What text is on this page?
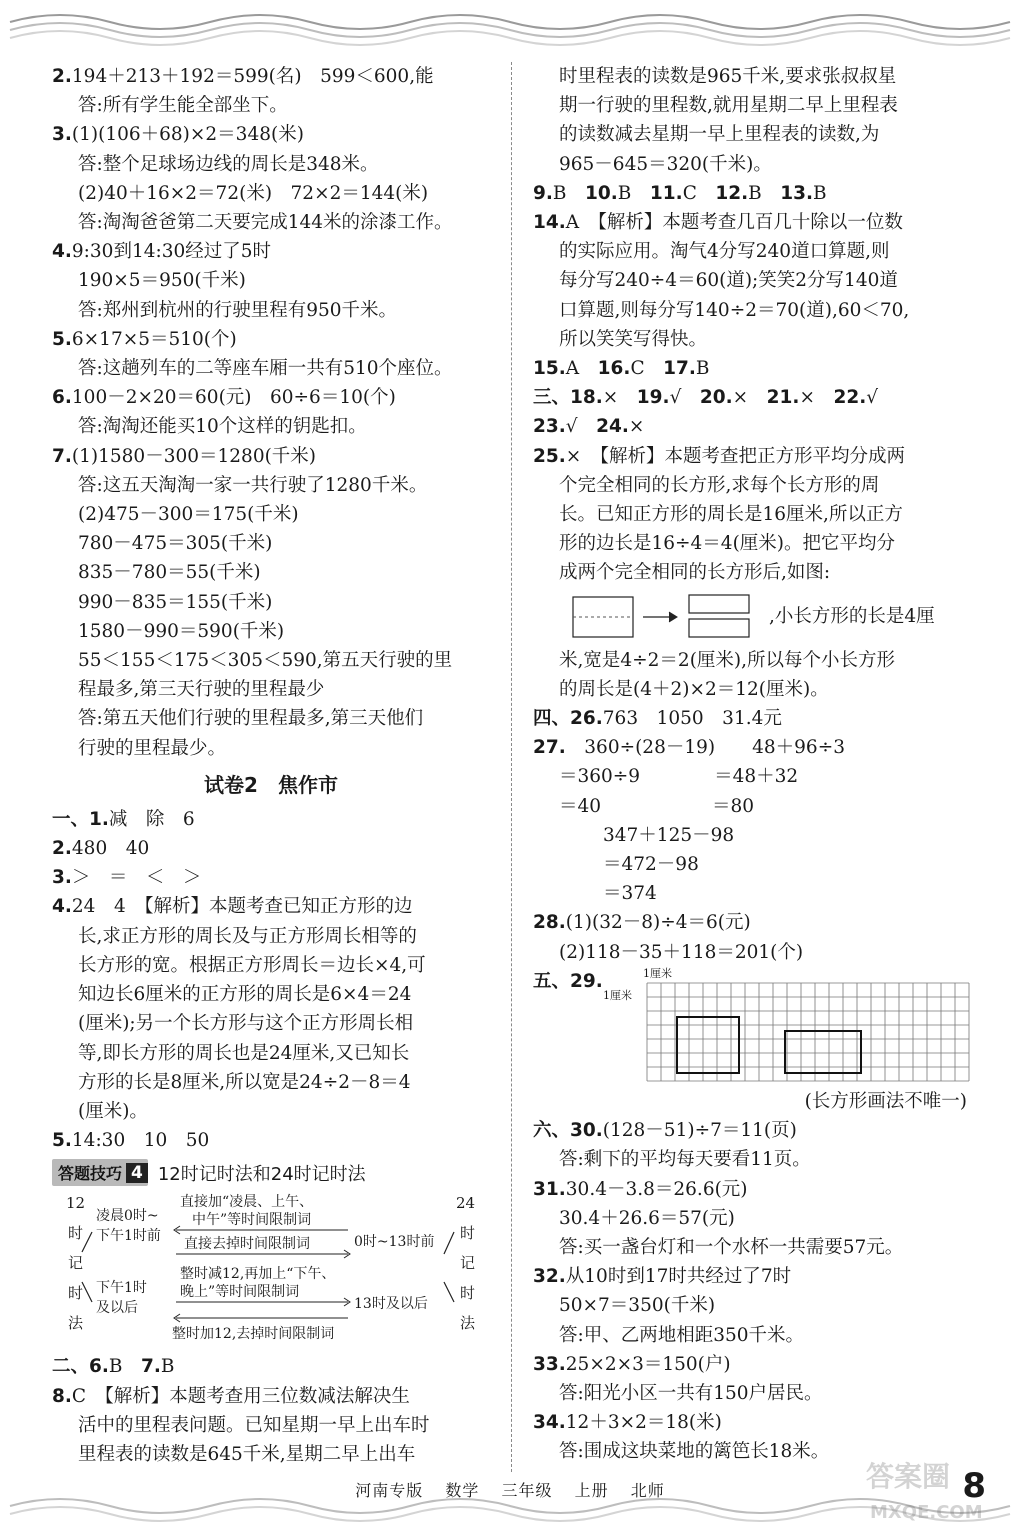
2.194＋213＋192＝599(名)　599＜600,能
答:所有学生能全部坐下。
3.(1)(106＋68)×2＝348(米)
答:整个足球场边线的周长是348米。
(2)40＋16×2＝72(米)　72×2＝144(米)
答:淘淘爸爸第二天要完成144米的涂漆工作。
4.9:30到14:30经过了5时
190×5＝950(千米)
答:郑州到杭州的行驶里程有950千米。
5.6×17×5＝510(个)
答:这趟列车的二等座车厢一共有510个座位。
6.100－2×20＝60(元)　60÷6＝10(个)
答:淘淘还能买10个这样的钥匙扣。
7.(1)1580－300＝1280(千米)
答:这五天淘淘一家一共行驶了1280千米。
(2)475－300＝175(千米)
780－475＝305(千米)
835－780＝55(千米)
990－835＝155(千米)
1580－990＝590(千米)
55＜155＜175＜305＜590,第五天行驶的里
程最多,第三天行驶的里程最少
答:第五天他们行驶的里程最多,第三天他们
行驶的里程最少。
试卷2　焦作市
一、1.减　除　6
2.480　40
3.＞　＝　＜　＞
4.24　4　【解析】本题考查已知正方形的边
长,求正方形的周长及与正方形周长相等的
长方形的宽。根据正方形周长＝边长×4,可
知边长6厘米的正方形的周长是6×4＝24
(厘米);另一个长方形与这个正方形周长相
等,即长方形的周长也是24厘米,又已知长
方形的长是8厘米,所以宽是24÷2－8＝4
(厘米)。
5.14:30　10　50
答题技巧 4 12时记时法和24时记时法
12
时
记
时
法
凌晨0时~
下午1时前
直接加“凌晨、上午、
中午”等时间限制词
直接去掉时间限制词	0时~13时前
下午1时
及以后
整时减12,再加上“下午、
晚上”等时间限制词
13时及以后
整时加12,去掉时间限制词
24
时
记
时
法
二、6.B　7.B
8.C　【解析】本题考查用三位数减法解决生
活中的里程表问题。已知星期一早上出车时
里程表的读数是645千米,星期二早上出车
时里程表的读数是965千米,要求张叔叔星
期一行驶的里程数,就用星期二早上里程表
的读数减去星期一早上里程表的读数,为
965－645＝320(千米)。
9.B　10.B　11.C　12.B　13.B
14.A　【解析】本题考查几百几十除以一位数
的实际应用。淘气4分写240道口算题,则
每分写240÷4＝60(道);笑笑2分写140道
口算题,则每分写140÷2＝70(道),60＜70,
所以笑笑写得快。
15.A　16.C　17.B
三、18.×　19.√　20.×　21.×　22.√
23.√　24.×
25.×　【解析】本题考查把正方形平均分成两
个完全相同的长方形,求每个长方形的周
长。已知正方形的周长是16厘米,所以正方
形的边长是16÷4＝4(厘米)。把它平均分
成两个完全相同的长方形后,如图:
,小长方形的长是4厘
米,宽是4÷2＝2(厘米),所以每个小长方形
的周长是(4＋2)×2＝12(厘米)。
四、26.763　1050　31.4元
27.　360÷(28－19)　　48＋96÷3
＝360÷9　　　　＝48＋32
＝40　　　　　　＝80
347＋125－98
＝472－98
＝374
28.(1)(32－8)÷4＝6(元)
(2)118－35＋118＝201(个)
五、29.	1厘米
1厘米
(长方形画法不唯一)
六、30.(128－51)÷7＝11(页)
答:剩下的平均每天要看11页。
31.30.4－3.8＝26.6(元)
30.4＋26.6＝57(元)
答:买一盏台灯和一个水杯一共需要57元。
32.从10时到17时共经过了7时
50×7＝350(千米)
答:甲、乙两地相距350千米。
33.25×2×3＝150(户)
答:阳光小区一共有150户居民。
34.12＋3×2＝18(米)
答:围成这块菜地的篱笆长18米。
河南专版 数学 三年级 上册 北师	答案圈
MXQE.COM
8
